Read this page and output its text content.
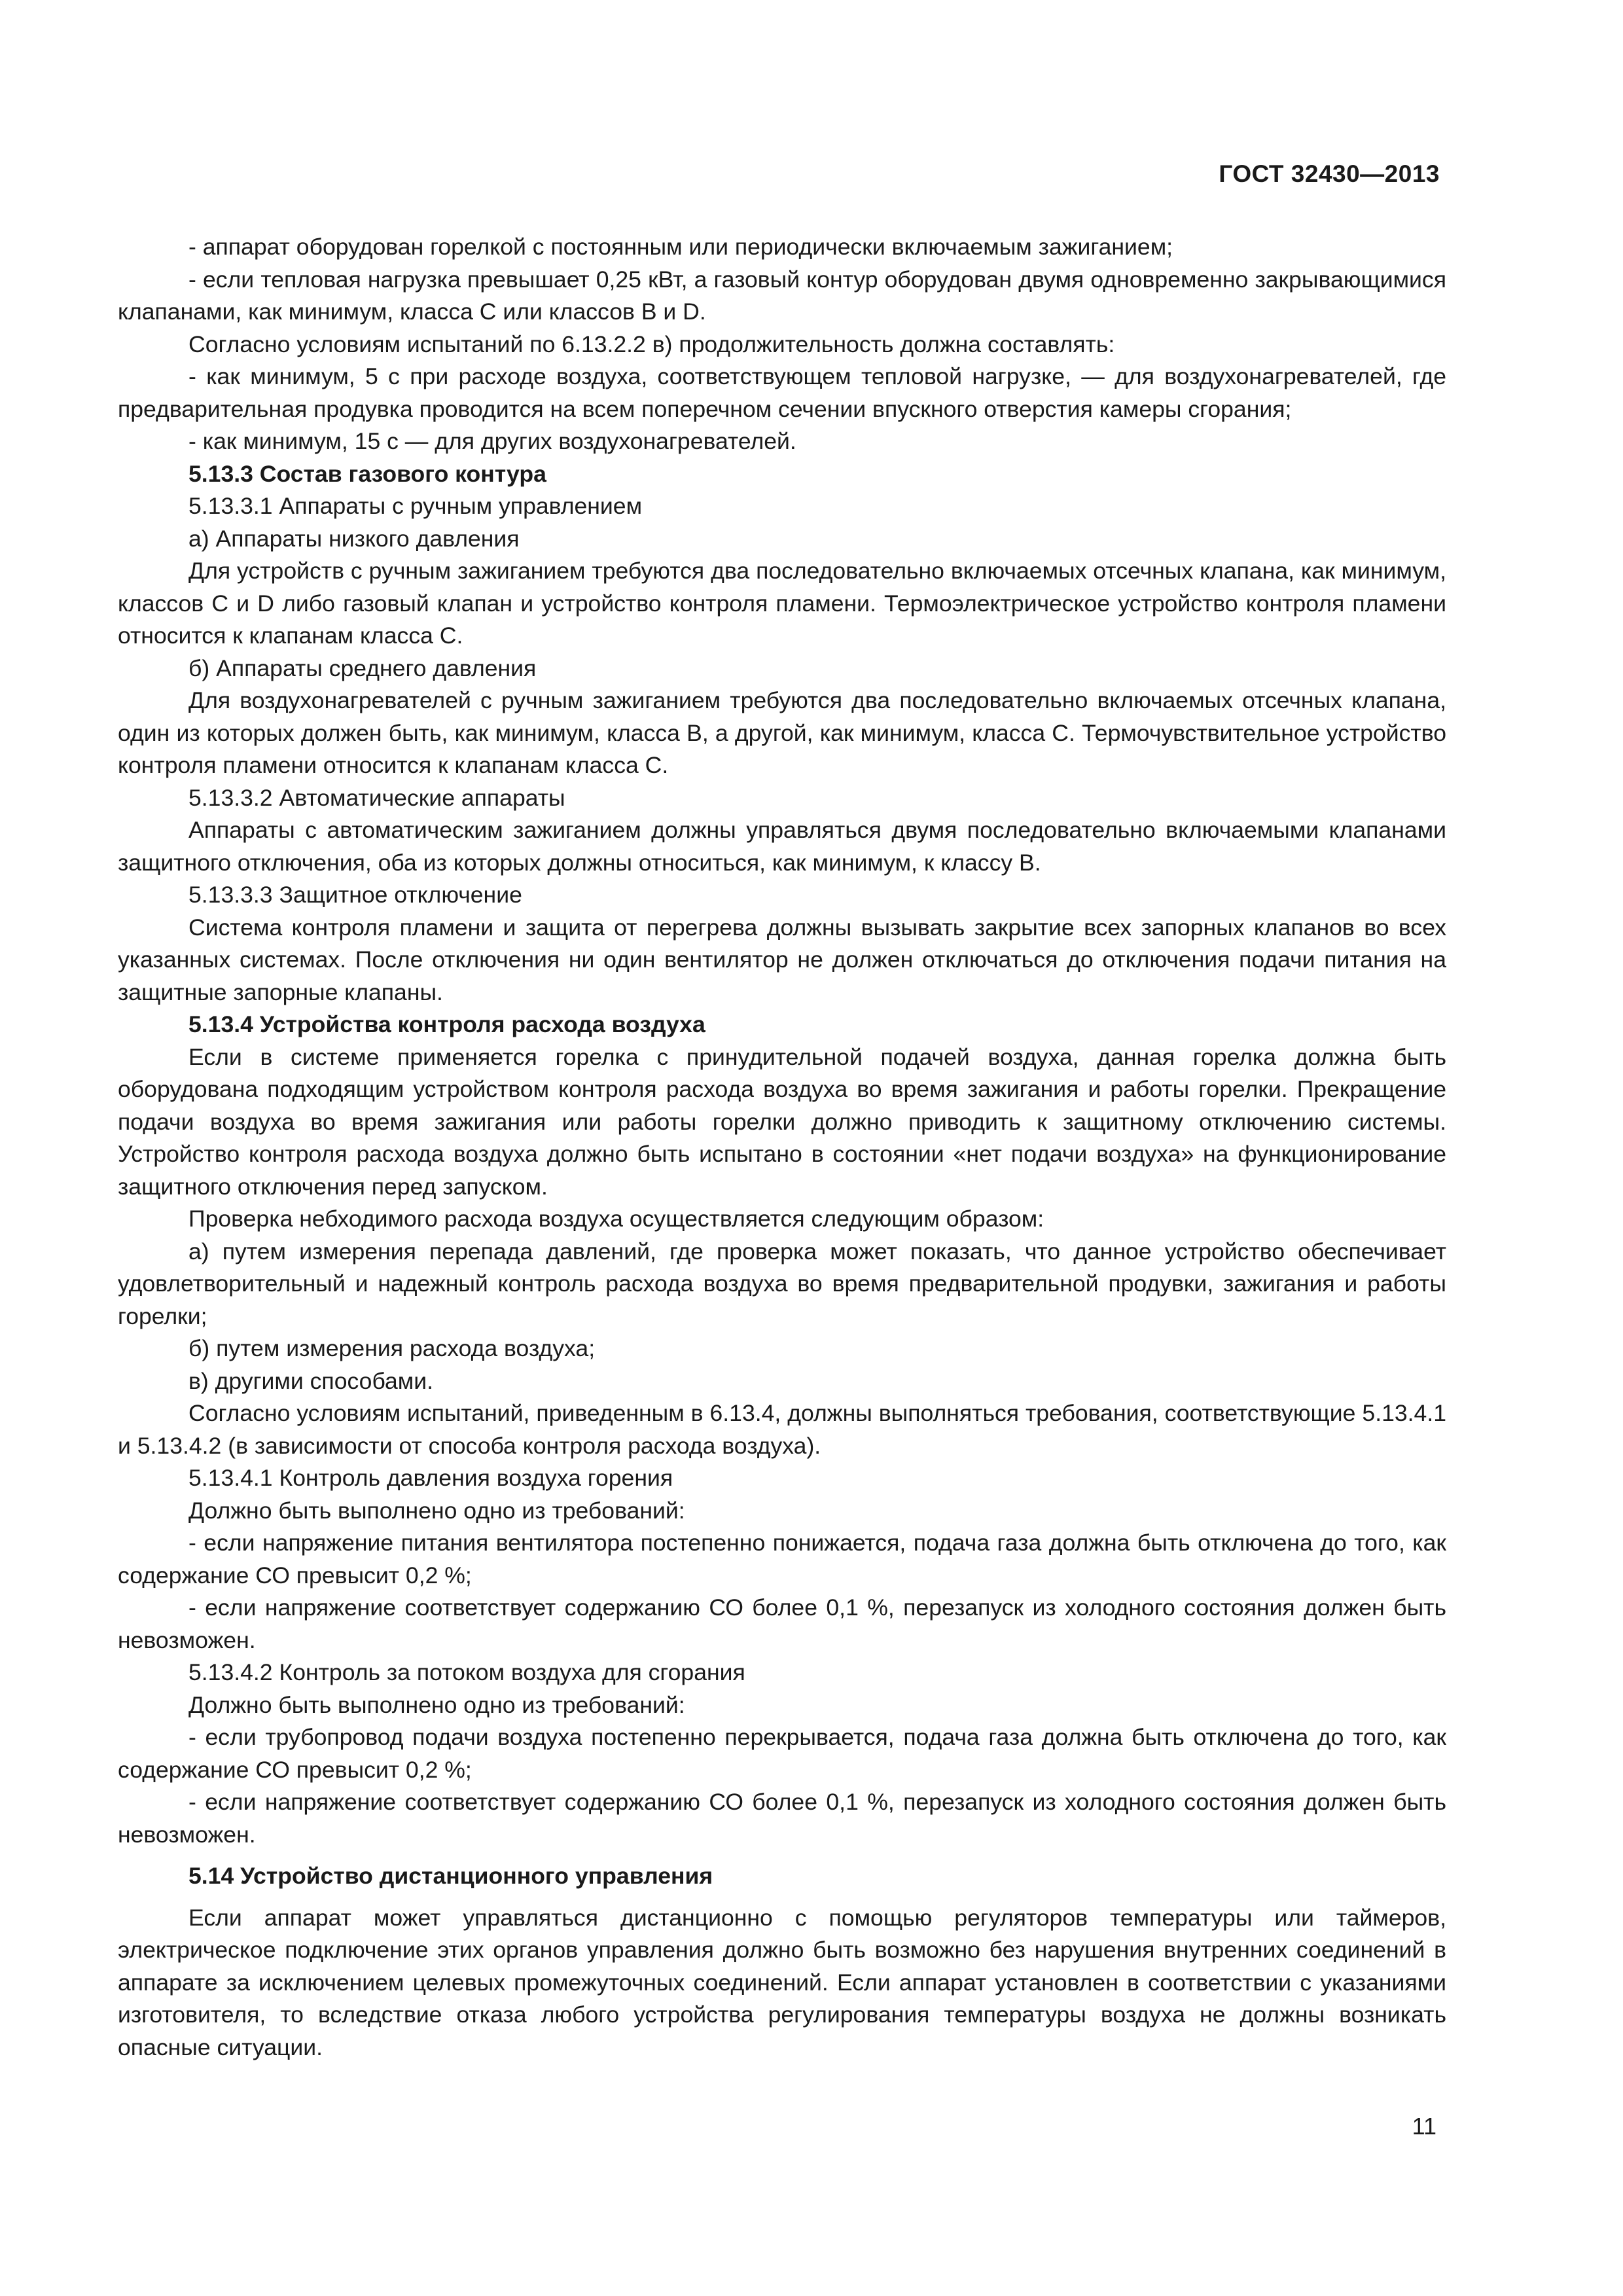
ГОСТ 32430—2013

- аппарат оборудован горелкой с постоянным или периодически включаемым зажиганием;

- если тепловая нагрузка превышает 0,25 кВт, а газовый контур оборудован двумя одновременно закрывающимися клапанами, как минимум, класса С или классов В и D.

Согласно условиям испытаний по 6.13.2.2 в) продолжительность должна составлять:

- как минимум, 5 с при расходе воздуха, соответствующем тепловой нагрузке, — для воздухонагревателей, где предварительная продувка проводится на всем поперечном сечении впускного отверстия камеры сгорания;

- как минимум, 15 с — для других воздухонагревателей.

5.13.3 Состав газового контура

5.13.3.1 Аппараты с ручным управлением

а) Аппараты низкого давления

Для устройств с ручным зажиганием требуются два последовательно включаемых отсечных клапана, как минимум, классов С и D либо газовый клапан и устройство контроля пламени. Термоэлектрическое устройство контроля пламени относится к клапанам класса С.

б) Аппараты среднего давления

Для воздухонагревателей с ручным зажиганием требуются два последовательно включаемых отсечных клапана, один из которых должен быть, как минимум, класса В, а другой, как минимум, класса С. Термочувствительное устройство контроля пламени относится к клапанам класса С.

5.13.3.2 Автоматические аппараты

Аппараты с автоматическим зажиганием должны управляться двумя последовательно включаемыми клапанами защитного отключения, оба из которых должны относиться, как минимум, к классу В.

5.13.3.3 Защитное отключение

Система контроля пламени и защита от перегрева должны вызывать закрытие всех запорных клапанов во всех указанных системах. После отключения ни один вентилятор не должен отключаться до отключения подачи питания на защитные запорные клапаны.

5.13.4 Устройства контроля расхода воздуха

Если в системе применяется горелка с принудительной подачей воздуха, данная горелка должна быть оборудована подходящим устройством контроля расхода воздуха во время зажигания и работы горелки. Прекращение подачи воздуха во время зажигания или работы горелки должно приводить к защитному отключению системы. Устройство контроля расхода воздуха должно быть испытано в состоянии «нет подачи воздуха» на функционирование защитного отключения перед запуском.

Проверка небходимого расхода воздуха осуществляется следующим образом:

а) путем измерения перепада давлений, где проверка может показать, что данное устройство обеспечивает удовлетворительный и надежный контроль расхода воздуха во время предварительной продувки, зажигания и работы горелки;

б) путем измерения расхода воздуха;

в) другими способами.

Согласно условиям испытаний, приведенным в 6.13.4, должны выполняться требования, соответствующие 5.13.4.1 и 5.13.4.2 (в зависимости от способа контроля расхода воздуха).

5.13.4.1 Контроль давления воздуха горения

Должно быть выполнено одно из требований:

- если напряжение питания вентилятора постепенно понижается, подача газа должна быть отключена до того, как содержание СО превысит 0,2 %;

- если напряжение соответствует содержанию СО более 0,1 %, перезапуск из холодного состояния должен быть невозможен.

5.13.4.2 Контроль за потоком воздуха для сгорания

Должно быть выполнено одно из требований:

- если трубопровод подачи воздуха постепенно перекрывается, подача газа должна быть отключена до того, как содержание СО превысит 0,2 %;

- если напряжение соответствует содержанию СО более 0,1 %, перезапуск из холодного состояния должен быть невозможен.

5.14 Устройство дистанционного управления

Если аппарат может управляться дистанционно с помощью регуляторов температуры или таймеров, электрическое подключение этих органов управления должно быть возможно без нарушения внутренних соединений в аппарате за исключением целевых промежуточных соединений. Если аппарат установлен в соответствии с указаниями изготовителя, то вследствие отказа любого устройства регулирования температуры воздуха не должны возникать опасные ситуации.

11
